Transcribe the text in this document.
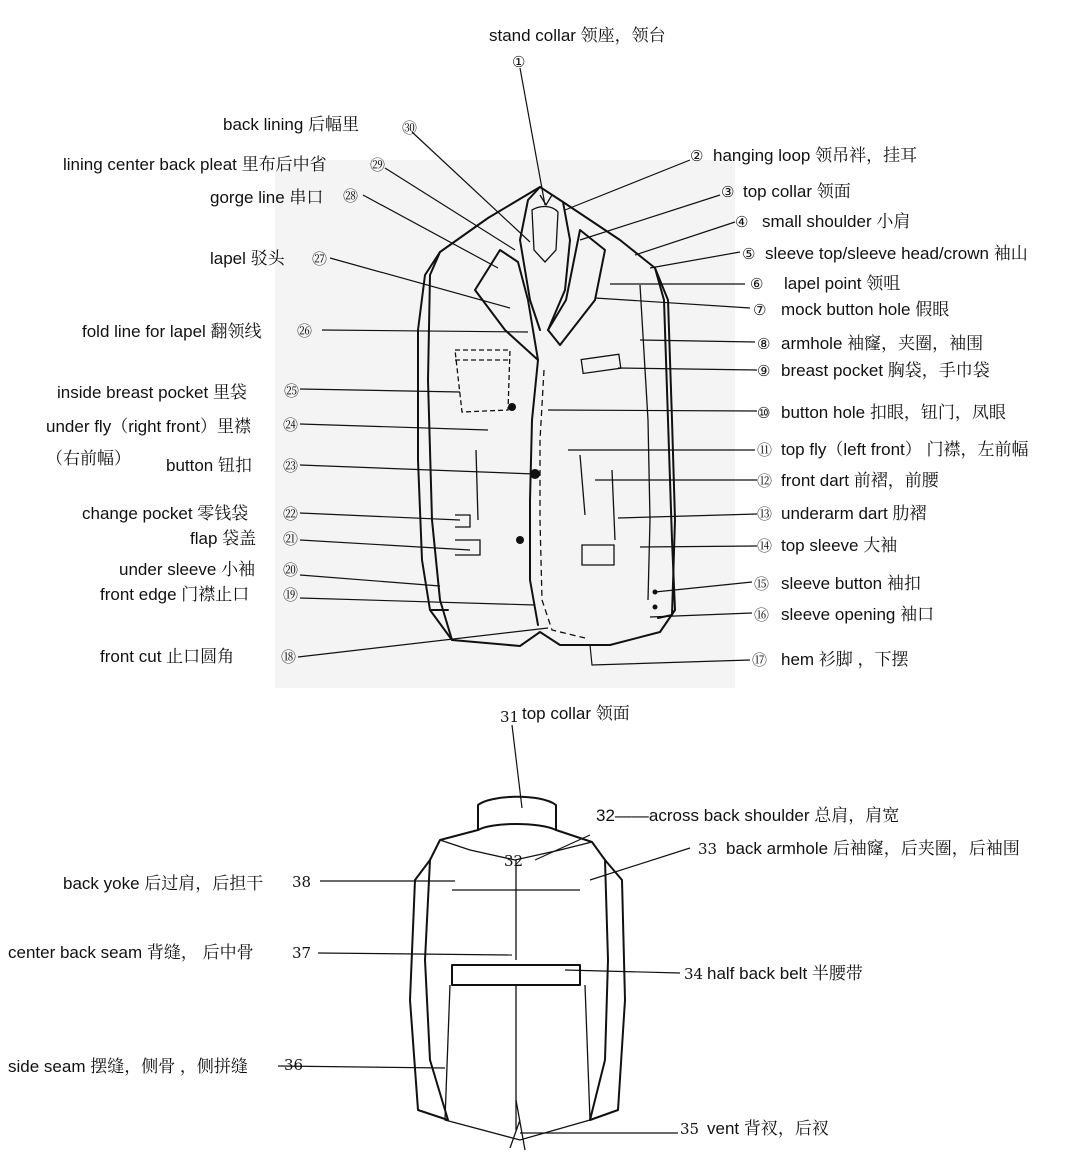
①
stand collar 领座，领台
② hanging loop 领吊袢，挂耳
③ top collar 领面
④ small shoulder 小肩
⑤ sleeve top/sleeve head/crown 袖山
⑥ lapel point 领咀
⑦ mock button hole 假眼
⑧ armhole 袖窿，夹圈，袖围
⑨ breast pocket 胸袋，手巾袋
⑩ button hole 扣眼，钮门，凤眼
⑪ top fly（left front） 门襟，左前幅
⑫ front dart 前褶，前腰
⑬ underarm dart 肋褶
⑭ top sleeve 大袖
⑮ sleeve button 袖扣
⑯ sleeve opening 袖口
⑰ hem 衫脚 ，下摆
front cut 止口圆角	⑱
front edge 门襟止口 ⑲
under sleeve 小袖 ⑳
flap 袋盖 ㉑
change pocket 零钱袋 ㉒
button 钮扣 ㉓
under fly（right front）里襟 ㉔
（右前幅）
inside breast pocket 里袋 ㉕
fold line for lapel 翻领线 ㉖
lapel 驳头 ㉗
gorge line 串口 ㉘
lining center back pleat 里布后中省	㉙
back lining 后幅里	㉚
31 top collar 领面
32——across back shoulder 总肩，肩宽
32
33 back armhole 后袖窿，后夹圈，后袖围
34 half back belt 半腰带
35 vent 背衩，后衩
side seam 摆缝，侧骨 ，侧拼缝 36
center back seam 背缝， 后中骨	37
back yoke 后过肩，后担干 38
